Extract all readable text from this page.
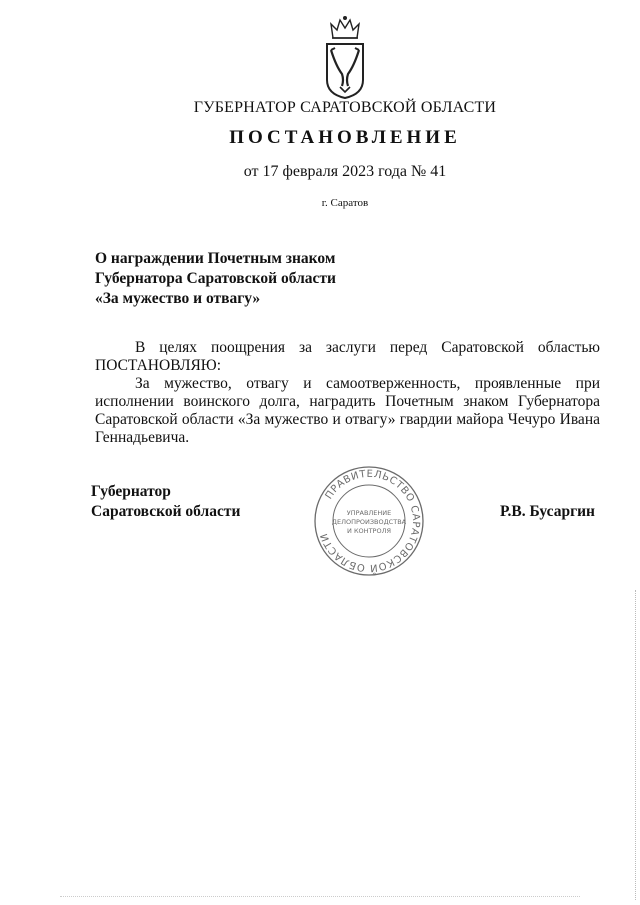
ГУБЕРНАТОР САРАТОВСКОЙ ОБЛАСТИ
ПОСТАНОВЛЕНИЕ
от 17 февраля 2023 года № 41
г. Саратов
О награждении Почетным знаком
Губернатора Саратовской области
«За мужество и отвагу»

В целях поощрения за заслуги перед Саратовской областью ПОСТАНОВЛЯЮ:

За мужество, отвагу и самоотверженность, проявленные при исполнении воинского долга, наградить Почетным знаком Губернатора Саратовской области «За мужество и отвагу» гвардии майора Чечуро Ивана Геннадьевича.

Губернатор
Саратовской области
ПРАВИТЕЛЬСТВО САРАТОВСКОЙ ОБЛАСТИ
УПРАВЛЕНИЕ
ДЕЛОПРОИЗВОДСТВА
И КОНТРОЛЯ
Р.В. Бусаргин
